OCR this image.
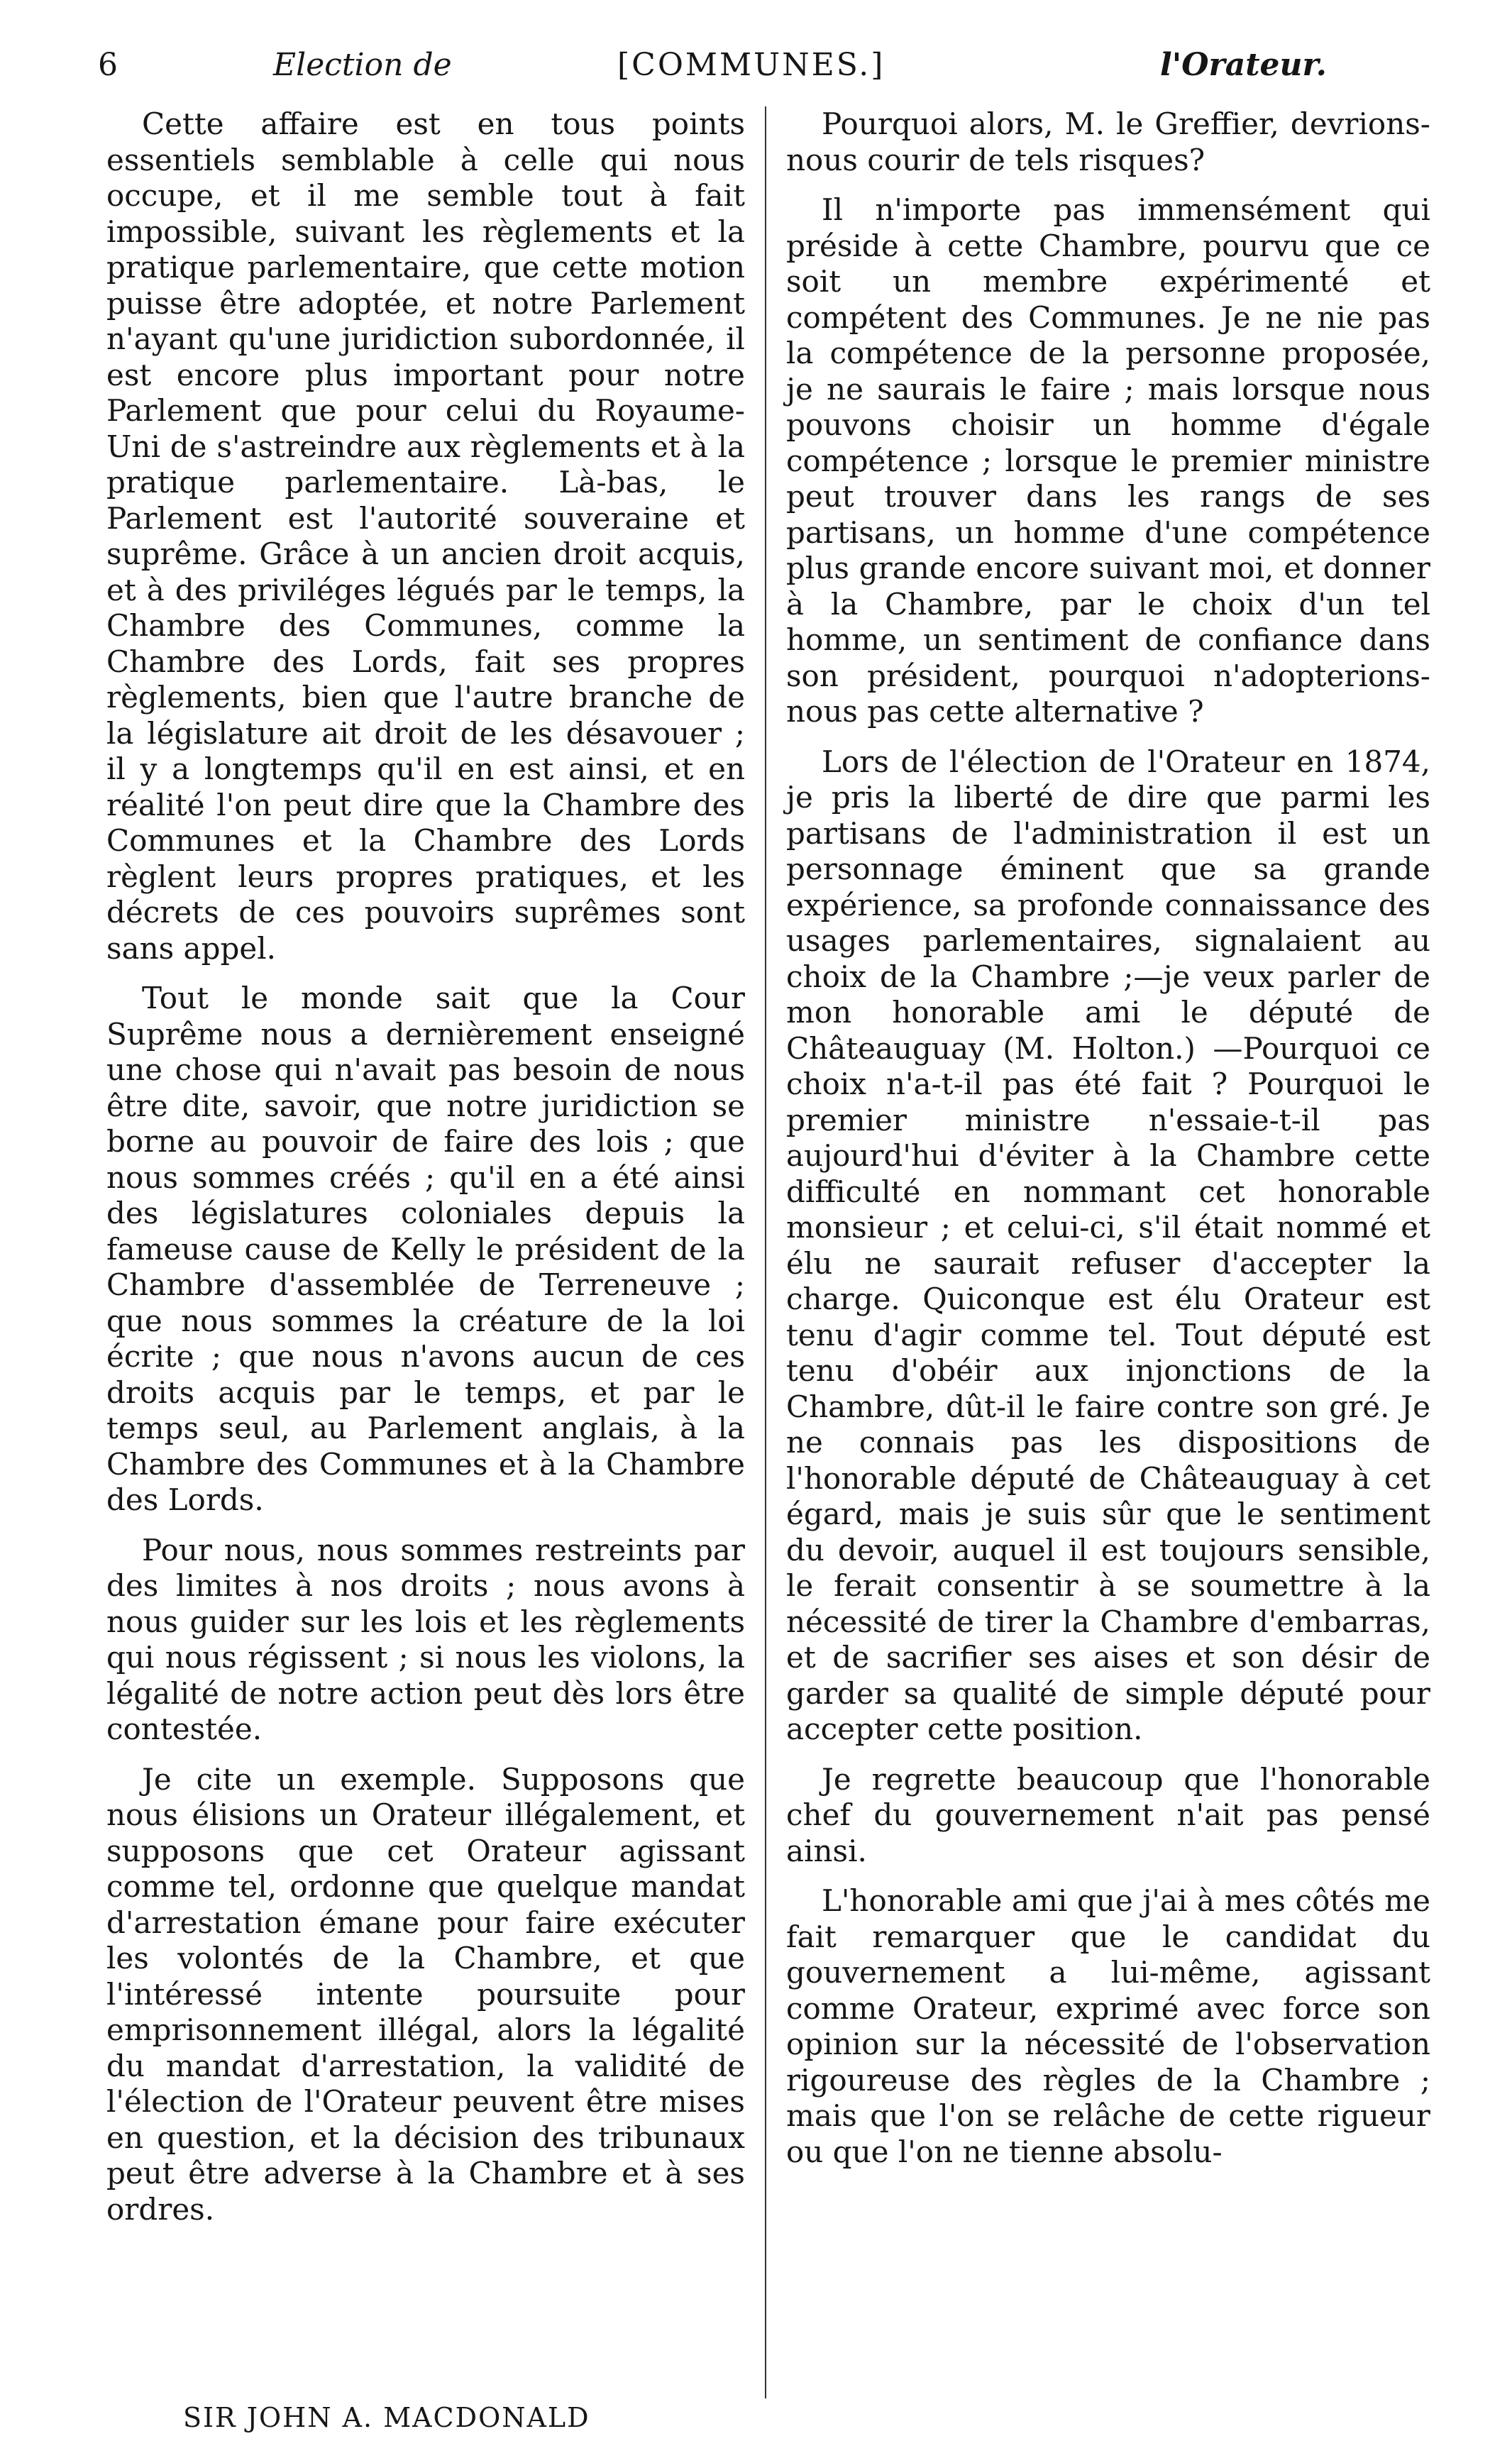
6	Election de	[COMMUNES.]	l'Orateur.

Cette affaire est en tous points essentiels semblable à celle qui nous occupe, et il me semble tout à fait impossible, suivant les règlements et la pratique parlementaire, que cette motion puisse être adoptée, et notre Parlement n'ayant qu'une juridiction subordonnée, il est encore plus important pour notre Parlement que pour celui du Royaume-Uni de s'astreindre aux règlements et à la pratique parlementaire. Là-bas, le Parlement est l'autorité souveraine et suprême. Grâce à un ancien droit acquis, et à des priviléges légués par le temps, la Chambre des Communes, comme la Chambre des Lords, fait ses propres règlements, bien que l'autre branche de la législature ait droit de les désavouer ; il y a longtemps qu'il en est ainsi, et en réalité l'on peut dire que la Chambre des Communes et la Chambre des Lords règlent leurs propres pratiques, et les décrets de ces pouvoirs suprêmes sont sans appel.

Tout le monde sait que la Cour Suprême nous a dernièrement enseigné une chose qui n'avait pas besoin de nous être dite, savoir, que notre juridiction se borne au pouvoir de faire des lois ; que nous sommes créés ; qu'il en a été ainsi des législatures coloniales depuis la fameuse cause de Kelly le président de la Chambre d'assemblée de Terreneuve ; que nous sommes la créature de la loi écrite ; que nous n'avons aucun de ces droits acquis par le temps, et par le temps seul, au Parlement anglais, à la Chambre des Communes et à la Chambre des Lords.

Pour nous, nous sommes restreints par des limites à nos droits ; nous avons à nous guider sur les lois et les règlements qui nous régissent ; si nous les violons, la légalité de notre action peut dès lors être contestée.

Je cite un exemple. Supposons que nous élisions un Orateur illégalement, et supposons que cet Orateur agissant comme tel, ordonne que quelque mandat d'arrestation émane pour faire exécuter les volontés de la Chambre, et que l'intéressé intente poursuite pour emprisonnement illégal, alors la légalité du mandat d'arrestation, la validité de l'élection de l'Orateur peuvent être mises en question, et la décision des tribunaux peut être adverse à la Chambre et à ses ordres.

Pourquoi alors, M. le Greffier, devrions-nous courir de tels risques?

Il n'importe pas immensément qui préside à cette Chambre, pourvu que ce soit un membre expérimenté et compétent des Communes. Je ne nie pas la compétence de la personne proposée, je ne saurais le faire ; mais lorsque nous pouvons choisir un homme d'égale compétence ; lorsque le premier ministre peut trouver dans les rangs de ses partisans, un homme d'une compétence plus grande encore suivant moi, et donner à la Chambre, par le choix d'un tel homme, un sentiment de confiance dans son président, pourquoi n'adopterions-nous pas cette alternative ?

Lors de l'élection de l'Orateur en 1874, je pris la liberté de dire que parmi les partisans de l'administration il est un personnage éminent que sa grande expérience, sa profonde connaissance des usages parlementaires, signalaient au choix de la Chambre ;—je veux parler de mon honorable ami le député de Châteauguay (M. Holton.) —Pourquoi ce choix n'a-t-il pas été fait ? Pourquoi le premier ministre n'essaie-t-il pas aujourd'hui d'éviter à la Chambre cette difficulté en nommant cet honorable monsieur ; et celui-ci, s'il était nommé et élu ne saurait refuser d'accepter la charge. Quiconque est élu Orateur est tenu d'agir comme tel. Tout député est tenu d'obéir aux injonctions de la Chambre, dût-il le faire contre son gré. Je ne connais pas les dispositions de l'honorable député de Châteauguay à cet égard, mais je suis sûr que le sentiment du devoir, auquel il est toujours sensible, le ferait consentir à se soumettre à la nécessité de tirer la Chambre d'embarras, et de sacrifier ses aises et son désir de garder sa qualité de simple député pour accepter cette position.

Je regrette beaucoup que l'honorable chef du gouvernement n'ait pas pensé ainsi.

L'honorable ami que j'ai à mes côtés me fait remarquer que le candidat du gouvernement a lui-même, agissant comme Orateur, exprimé avec force son opinion sur la nécessité de l'observation rigoureuse des règles de la Chambre ; mais que l'on se relâche de cette rigueur ou que l'on ne tienne absolu-

SIR JOHN A. MACDONALD
